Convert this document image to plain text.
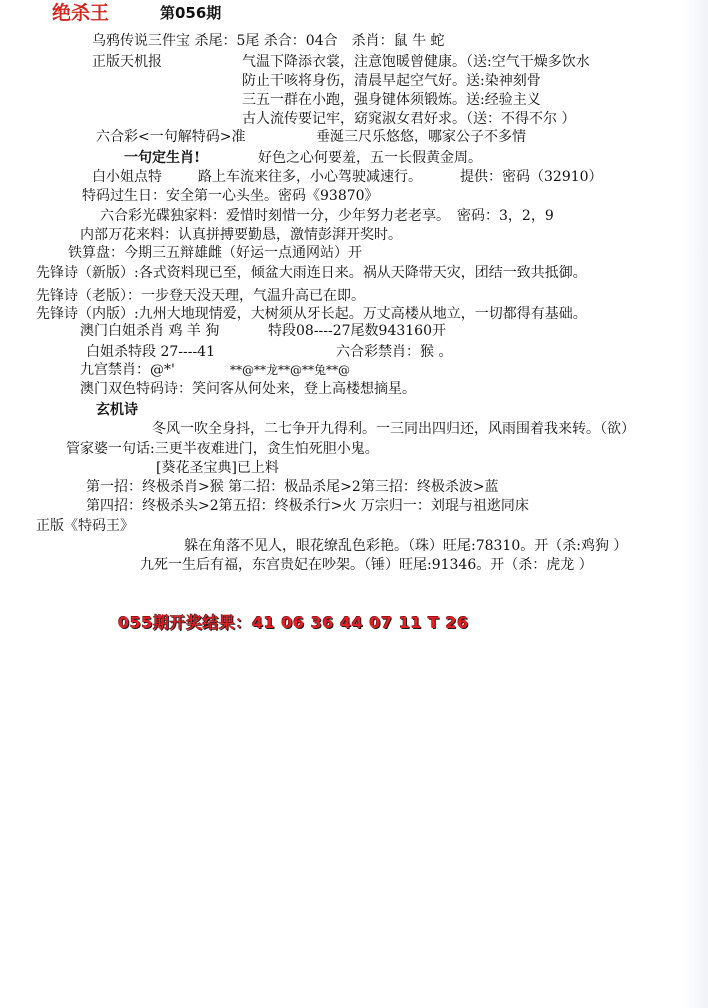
绝杀王	第056期
乌鸦传说三件宝 杀尾：5尾 杀合：04合　杀肖：鼠 牛 蛇
正版天机报	气温下降添衣裳，注意饱暖曾健康。（送:空气干燥多饮水
防止干咳将身伤，清晨早起空气好。送:染神刻骨
三五一群在小跑，强身键体须锻炼。送:经验主义
古人流传要记牢，窈窕淑女君好求。（送：不得不尔 ）
六合彩<一句解特码>准	垂涎三尺乐悠悠，哪家公子不多情
一句定生肖!	好色之心何要羞，五一长假黄金周。
白小姐点特	路上车流来往多，小心驾驶减速行。	提供：密码（32910）
特码过生日：安全第一心头坐。密码《93870》
六合彩光碟独家料：爱惜时刻惜一分，少年努力老老享。　密码：3，2，9
内部万花来料：认真拼搏要勤恳，激情彭湃开奖时。
铁算盘：今期三五辩雄雌（好运一点通网站）开
先锋诗（新版）:各式资料现已至，倾盆大雨连日来。祸从天降带天灾，团结一致共抵御。
先锋诗（老版）：一步登天没天理，气温升高已在即。
先锋诗（内版）:九州大地现情爱，大树须从牙长起。万丈高楼从地立，一切都得有基础。
澳门白姐杀肖 鸡 羊 狗	特段08----27尾数943160开
白姐杀特段 27----41	六合彩禁肖：猴 。
九宫禁肖：@*'	**@**龙**@**兔**@
澳门双色特码诗：笑问客从何处来，登上高楼想摘星。
玄机诗
冬风一吹全身抖，二七争开九得利。一三同出四归还，风雨围着我来转。（欲）
管家婆一句话:三更半夜难进门，贪生怕死胆小鬼。
[葵花圣宝典]已上料
第一招：终极杀肖>猴 第二招：极品杀尾>2第三招：终极杀波>蓝
第四招：终极杀头>2第五招：终极杀行>火 万宗归一：刘琨与祖逖同床
正版《特码王》
躲在角落不见人，眼花缭乱色彩艳。（珠）旺尾:78310。开（杀:鸡狗 ）
九死一生后有福，东宫贵妃在吵架。（锤）旺尾:91346。开（杀：虎龙 ）
055期开奖结果：41 06 36 44 07 11 T 26
